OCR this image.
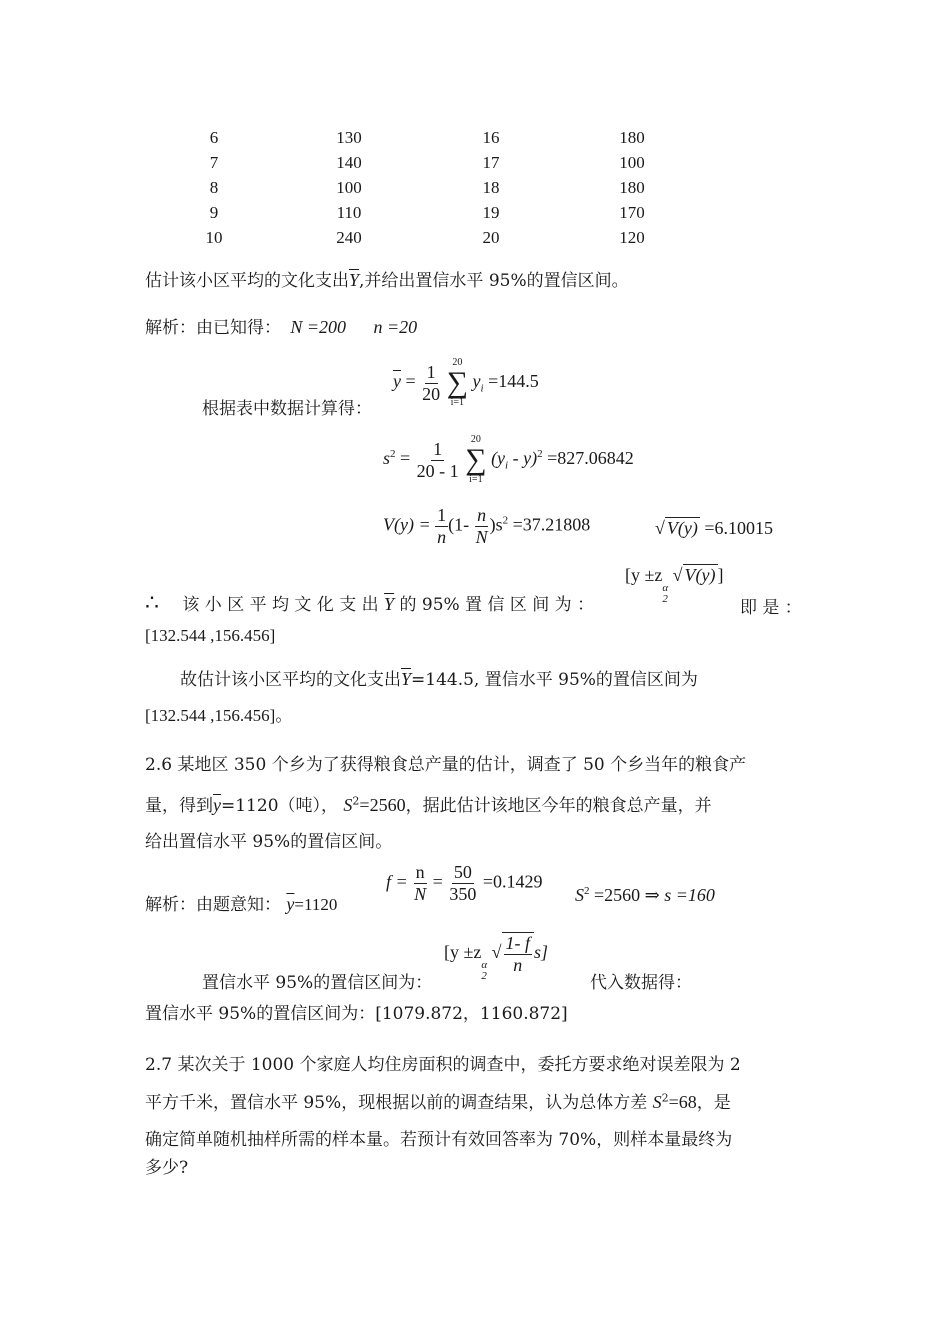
6	130	16	180
7	140	17	100
8	100	18	180
9	110	19	170
10	240	20	120
估计该小区平均的文化支出$\overline{Y}$,并给出置信水平 95%的置信区间。
解析：由已知得： N =200 n =20
$\overline{y} = \frac{1}{20}$
20
∑
i=1
$y_i =144.5$
根据表中数据计算得：
$s^2 = \frac{1}{20 - 1}$
20
∑
i=1
$(y_i - y)^2 =827.06842$
$V(y) = \frac{1}{n} (1- \frac{n}{N} )s^2 =37.21808$	√ V(y) =6.10015
[y ±z
α
2
√ V(y) ]
∴ 该 小 区 平 均 文 化 支 出 $\overline{Y}$ 的 95% 置 信 区 间 为 ：	即 是 ：
[132.544 ,156.456]
故估计该小区平均的文化支出$\overline{Y}=144.5$, 置信水平 95%的置信区间为
[132.544 ,156.456]。
2.6 某地区 350 个乡为了获得粮食总产量的估计，调查了 50 个乡当年的粮食产
量，得到$\overline{y}=1120$（吨）， $S^2=2560$，据此估计该地区今年的粮食总产量，并
给出置信水平 95%的置信区间。
解析：由题意知： $\overline{y}=1120$
$f = \frac{n}{N} = \frac{50}{350} =0.1429$
$S^2 =2560$ ⇒ s =160
[y ±z
α
2
√ $\frac{1- f}{n} s$]
置信水平 95%的置信区间为：	代入数据得：
置信水平 95%的置信区间为：[1079.872，1160.872]
2.7 某次关于 1000 个家庭人均住房面积的调查中，委托方要求绝对误差限为 2
平方千米，置信水平 95%，现根据以前的调查结果，认为总体方差 $S^2=68$，是
确定简单随机抽样所需的样本量。若预计有效回答率为 70%，则样本量最终为
多少?
